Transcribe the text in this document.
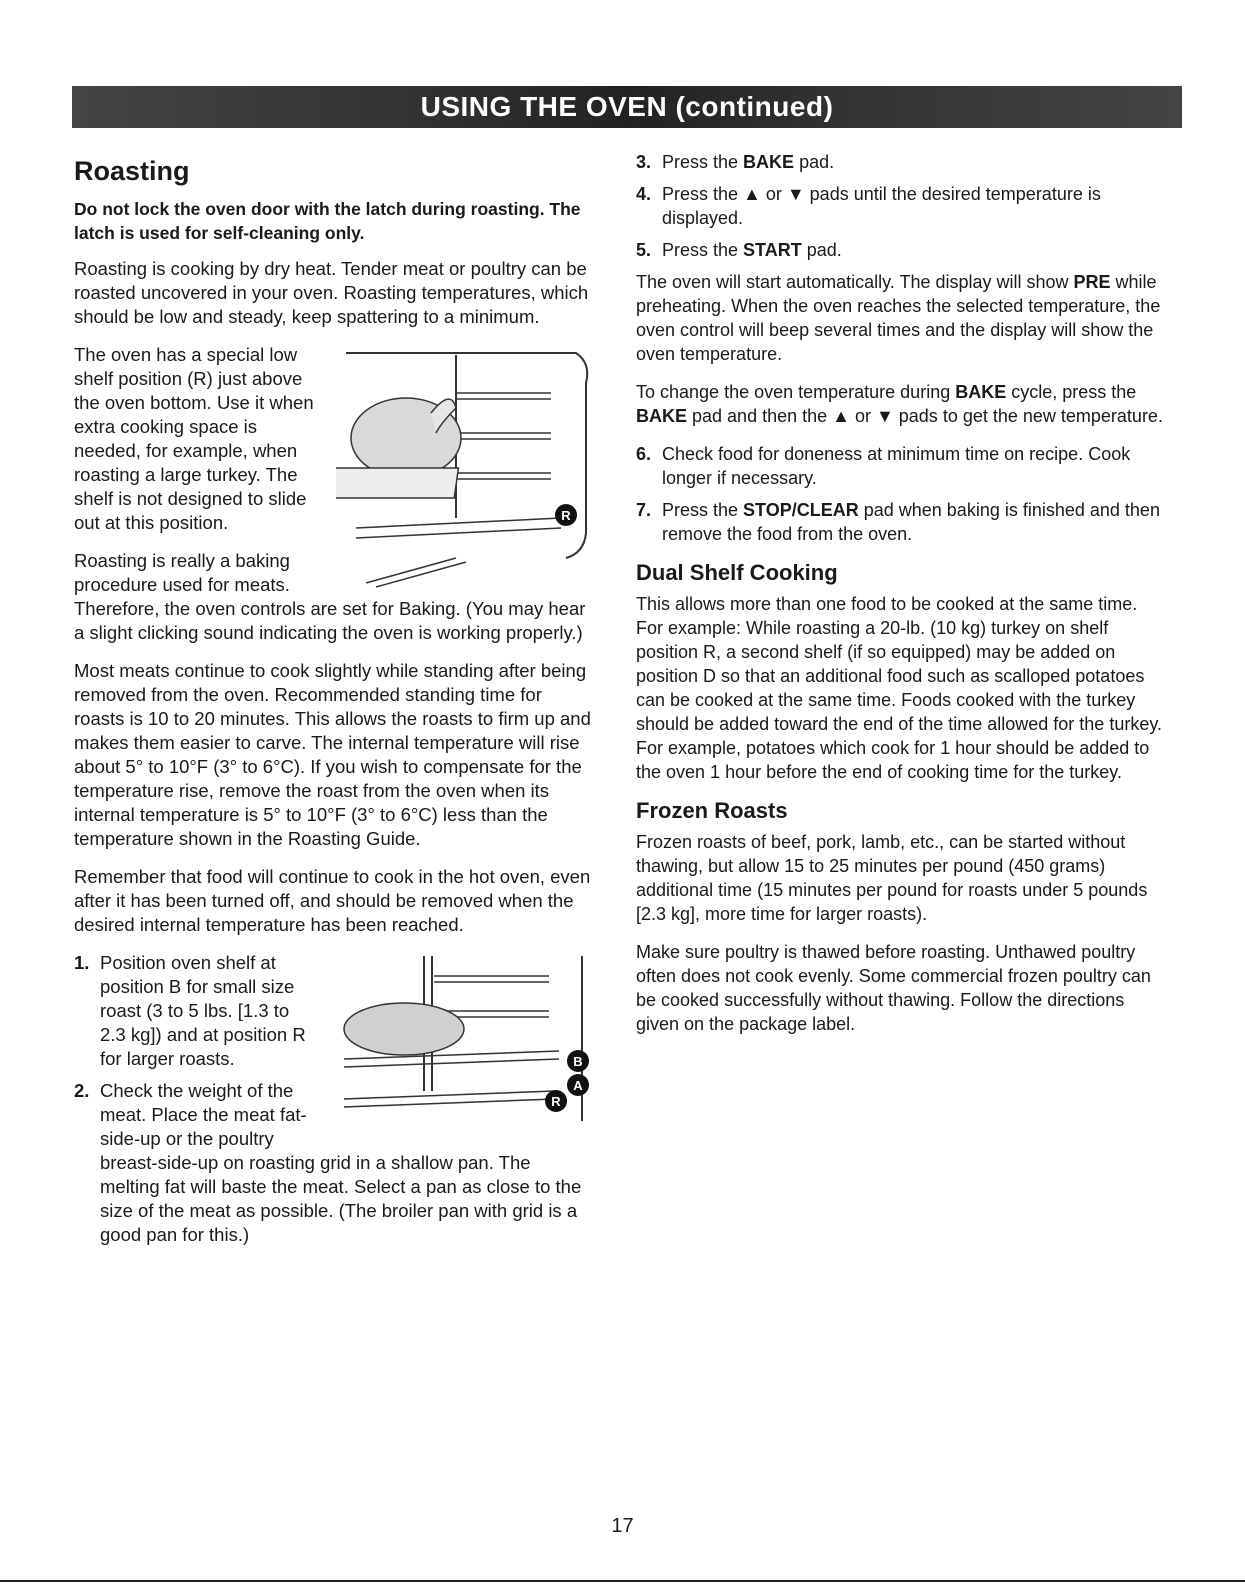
USING THE OVEN (continued)
Roasting

Do not lock the oven door with the latch during roasting. The latch is used for self-cleaning only.

Roasting is cooking by dry heat. Tender meat or poultry can be roasted uncovered in your oven. Roasting temperatures, which should be low and steady, keep spattering to a minimum.

R

The oven has a special low shelf position (R) just above the oven bottom. Use it when extra cooking space is needed, for example, when roasting a large turkey. The shelf is not designed to slide out at this position.

Roasting is really a baking procedure used for meats. Therefore, the oven controls are set for Baking. (You may hear a slight clicking sound indicating the oven is working properly.)

Most meats continue to cook slightly while standing after being removed from the oven. Recommended standing time for roasts is 10 to 20 minutes. This allows the roasts to firm up and makes them easier to carve. The internal temperature will rise about 5° to 10°F (3° to 6°C). If you wish to compensate for the temperature rise, remove the roast from the oven when its internal temperature is 5° to 10°F (3° to 6°C) less than the temperature shown in the Roasting Guide.

Remember that food will continue to cook in the hot oven, even after it has been turned off, and should be removed when the desired internal temperature has been reached.

B
A
R
1. Position oven shelf at position B for small size roast (3 to 5 lbs. [1.3 to 2.3 kg]) and at position R for larger roasts.
2. Check the weight of the meat. Place the meat fat-side-up or the poultry breast-side-up on roasting grid in a shallow pan. The melting fat will baste the meat. Select a pan as close to the size of the meat as possible. (The broiler pan with grid is a good pan for this.)
3. Press the BAKE pad.
4. Press the ▲ or ▼ pads until the desired temperature is displayed.
5. Press the START pad.

The oven will start automatically. The display will show PRE while preheating. When the oven reaches the selected temperature, the oven control will beep several times and the display will show the oven temperature.

To change the oven temperature during BAKE cycle, press the BAKE pad and then the ▲ or ▼ pads to get the new temperature.

6. Check food for doneness at minimum time on recipe. Cook longer if necessary.
7. Press the STOP/CLEAR pad when baking is finished and then remove the food from the oven.
Dual Shelf Cooking

This allows more than one food to be cooked at the same time. For example: While roasting a 20-lb. (10 kg) turkey on shelf position R, a second shelf (if so equipped) may be added on position D so that an additional food such as scalloped potatoes can be cooked at the same time. Foods cooked with the turkey should be added toward the end of the time allowed for the turkey. For example, potatoes which cook for 1 hour should be added to the oven 1 hour before the end of cooking time for the turkey.

Frozen Roasts

Frozen roasts of beef, pork, lamb, etc., can be started without thawing, but allow 15 to 25 minutes per pound (450 grams) additional time (15 minutes per pound for roasts under 5 pounds [2.3 kg], more time for larger roasts).

Make sure poultry is thawed before roasting. Unthawed poultry often does not cook evenly. Some commercial frozen poultry can be cooked successfully without thawing. Follow the directions given on the package label.

17
